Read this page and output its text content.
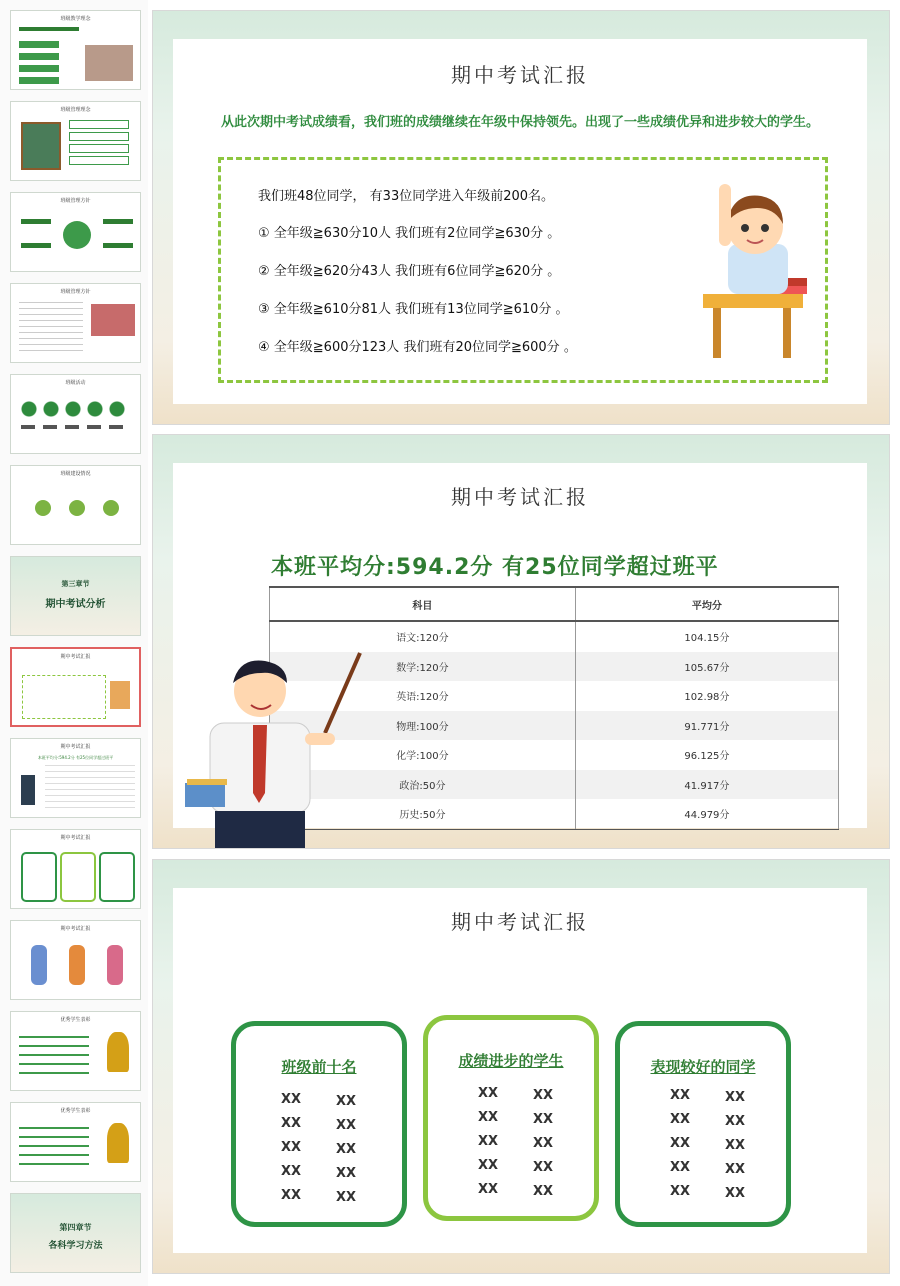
班级教学理念
班级管理理念
班级管理方针
班级管理方针
班级活动
班级建设情况
第三章节
期中考试分析
期中考试汇报
期中考试汇报
本班平均分:594.2分 有25位同学超过班平
期中考试汇报
期中考试汇报
优秀学生表彰
优秀学生表彰
第四章节
各科学习方法
期中考试汇报
从此次期中考试成绩看，我们班的成绩继续在年级中保持领先。出现了一些成绩优异和进步较大的学生。
我们班48位同学， 有33位同学进入年级前200名。
① 全年级≧630分10人 我们班有2位同学≧630分 。
② 全年级≧620分43人 我们班有6位同学≧620分 。
③ 全年级≧610分81人 我们班有13位同学≧610分 。
④ 全年级≧600分123人 我们班有20位同学≧600分 。
期中考试汇报
本班平均分:594.2分 有25位同学超过班平
科目	平均分
语文:120分	104.15分
数学:120分	105.67分
英语:120分	102.98分
物理:100分	91.771分
化学:100分	96.125分
政治:50分	41.917分
历史:50分	44.979分
期中考试汇报
班级前十名
XX	XX
XX	XX
XX	XX
XX	XX
XX	XX
成绩进步的学生
XX	XX
XX	XX
XX	XX
XX	XX
XX	XX
表现较好的同学
XX	XX
XX	XX
XX	XX
XX	XX
XX	XX
